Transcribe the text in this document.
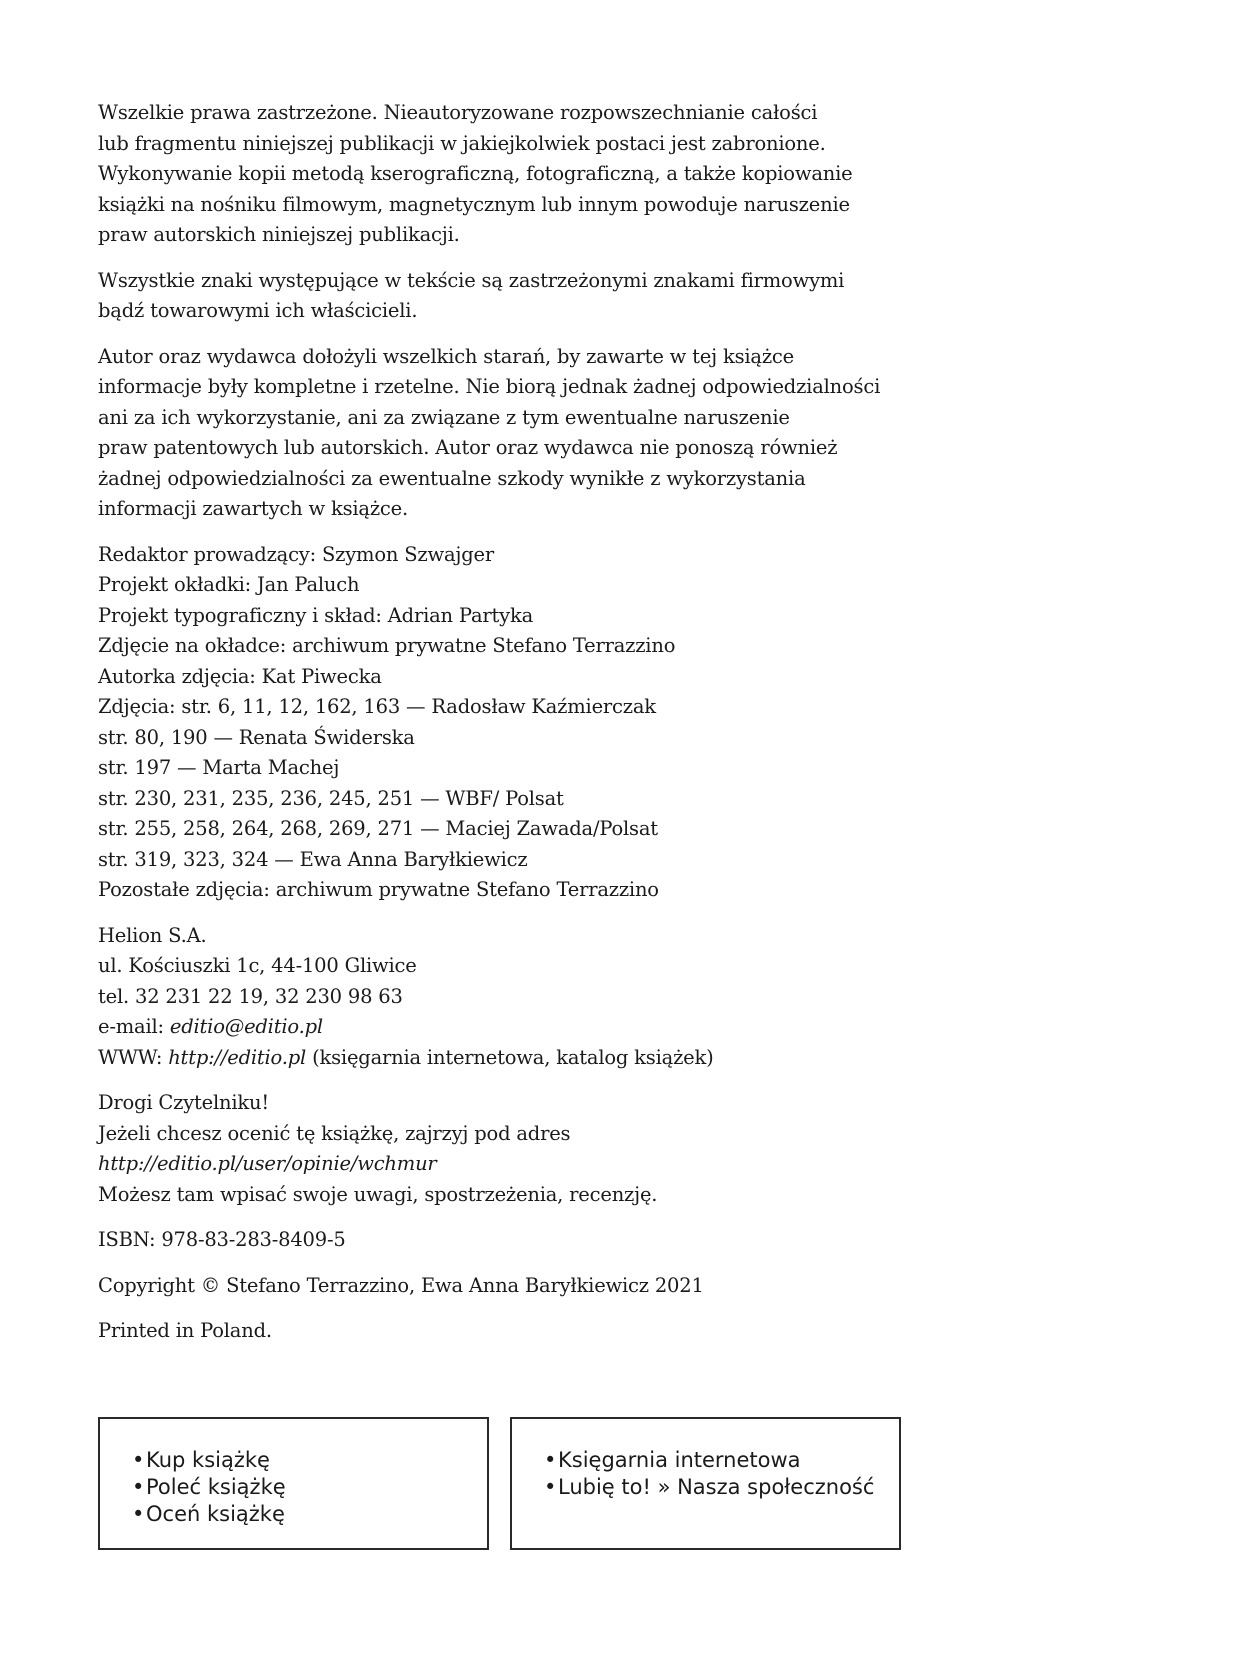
Wszelkie prawa zastrzeżone. Nieautoryzowane rozpowszechnianie całości
lub fragmentu niniejszej publikacji w jakiejkolwiek postaci jest zabronione.
Wykonywanie kopii metodą kserograficzną, fotograficzną, a także kopiowanie
książki na nośniku filmowym, magnetycznym lub innym powoduje naruszenie
praw autorskich niniejszej publikacji.
Wszystkie znaki występujące w tekście są zastrzeżonymi znakami firmowymi
bądź towarowymi ich właścicieli.
Autor oraz wydawca dołożyli wszelkich starań, by zawarte w tej książce
informacje były kompletne i rzetelne. Nie biorą jednak żadnej odpowiedzialności
ani za ich wykorzystanie, ani za związane z tym ewentualne naruszenie
praw patentowych lub autorskich. Autor oraz wydawca nie ponoszą również
żadnej odpowiedzialności za ewentualne szkody wynikłe z wykorzystania
informacji zawartych w książce.
Redaktor prowadzący: Szymon Szwajger
Projekt okładki: Jan Paluch
Projekt typograficzny i skład: Adrian Partyka
Zdjęcie na okładce: archiwum prywatne Stefano Terrazzino
Autorka zdjęcia: Kat Piwecka
Zdjęcia: str. 6, 11, 12, 162, 163 — Radosław Kaźmierczak
str. 80, 190 — Renata Świderska
str. 197 — Marta Machej
str. 230, 231, 235, 236, 245, 251 — WBF/ Polsat
str. 255, 258, 264, 268, 269, 271 — Maciej Zawada/Polsat
str. 319, 323, 324 — Ewa Anna Baryłkiewicz
Pozostałe zdjęcia: archiwum prywatne Stefano Terrazzino
Helion S.A.
ul. Kościuszki 1c, 44-100 Gliwice
tel. 32 231 22 19, 32 230 98 63
e-mail: editio@editio.pl
WWW: http://editio.pl (księgarnia internetowa, katalog książek)
Drogi Czytelniku!
Jeżeli chcesz ocenić tę książkę, zajrzyj pod adres
http://editio.pl/user/opinie/wchmur
Możesz tam wpisać swoje uwagi, spostrzeżenia, recenzję.
ISBN: 978-83-283-8409-5
Copyright © Stefano Terrazzino, Ewa Anna Baryłkiewicz 2021
Printed in Poland.
•Kup książkę
•Poleć książkę
•Oceń książkę
•Księgarnia internetowa
•Lubię to! » Nasza społeczność
